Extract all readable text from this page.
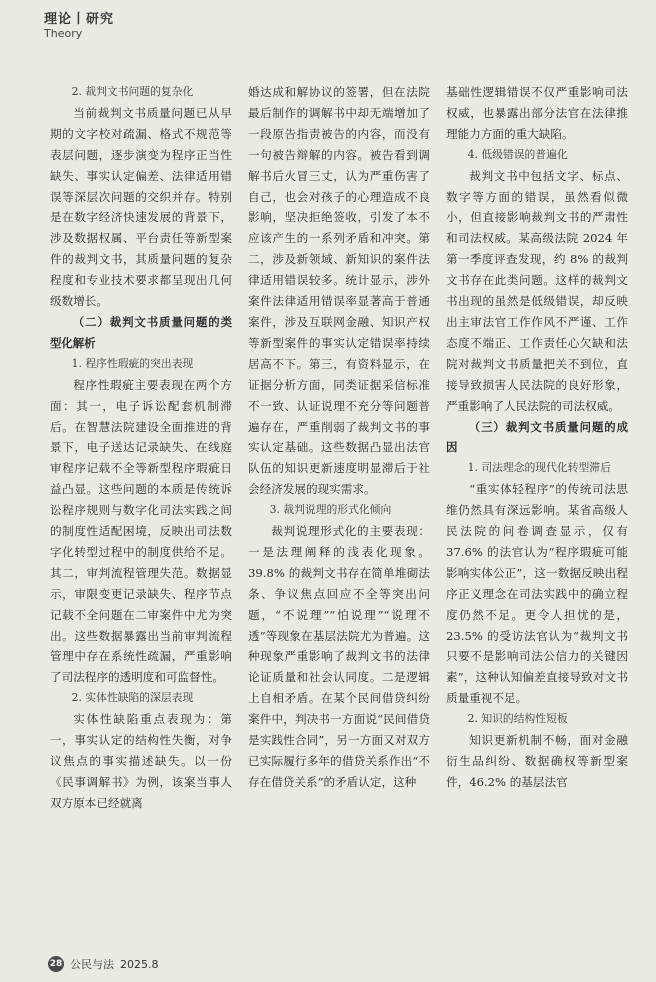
理论丨研究
Theory

2. 裁判文书问题的复杂化

当前裁判文书质量问题已从早期的文字校对疏漏、格式不规范等表层问题，逐步演变为程序正当性缺失、事实认定偏差、法律适用错误等深层次问题的交织并存。特别是在数字经济快速发展的背景下，涉及数据权属、平台责任等新型案件的裁判文书，其质量问题的复杂程度和专业技术要求都呈现出几何级数增长。

（二）裁判文书质量问题的类型化解析

1. 程序性瑕疵的突出表现

程序性瑕疵主要表现在两个方面：其一，电子诉讼配套机制滞后。在智慧法院建设全面推进的背景下，电子送达记录缺失、在线庭审程序记载不全等新型程序瑕疵日益凸显。这些问题的本质是传统诉讼程序规则与数字化司法实践之间的制度性适配困境，反映出司法数字化转型过程中的制度供给不足。其二，审判流程管理失范。数据显示，审限变更记录缺失、程序节点记载不全问题在二审案件中尤为突出。这些数据暴露出当前审判流程管理中存在系统性疏漏，严重影响了司法程序的透明度和可监督性。

2. 实体性缺陷的深层表现

实体性缺陷重点表现为：第一，事实认定的结构性失衡，对争议焦点的事实描述缺失。以一份《民事调解书》为例，该案当事人双方原本已经就离

婚达成和解协议的签署，但在法院最后制作的调解书中却无端增加了一段原告指责被告的内容，而没有一句被告辩解的内容。被告看到调解书后火冒三丈，认为严重伤害了自己，也会对孩子的心理造成不良影响，坚决拒绝签收，引发了本不应该产生的一系列矛盾和冲突。第二，涉及新领域、新知识的案件法律适用错误较多。统计显示，涉外案件法律适用错误率显著高于普通案件，涉及互联网金融、知识产权等新型案件的事实认定错误率持续居高不下。第三，有资料显示，在证据分析方面，同类证据采信标准不一致、认证说理不充分等问题普遍存在，严重削弱了裁判文书的事实认定基础。这些数据凸显出法官队伍的知识更新速度明显滞后于社会经济发展的现实需求。

3. 裁判说理的形式化倾向

裁判说理形式化的主要表现：一是法理阐释的浅表化现象。39.8% 的裁判文书存在简单堆砌法条、争议焦点回应不全等突出问题，“不说理”“怕说理”“说理不透”等现象在基层法院尤为普遍。这种现象严重影响了裁判文书的法律论证质量和社会认同度。二是逻辑上自相矛盾。在某个民间借贷纠纷案件中，判决书一方面说“民间借贷是实践性合同”，另一方面又对双方已实际履行多年的借贷关系作出“不存在借贷关系”的矛盾认定，这种

基础性逻辑错误不仅严重影响司法权威，也暴露出部分法官在法律推理能力方面的重大缺陷。

4. 低级错误的普遍化

裁判文书中包括文字、标点、数字等方面的错误，虽然看似微小，但直接影响裁判文书的严肃性和司法权威。某高级法院 2024 年第一季度评查发现，约 8% 的裁判文书存在此类问题。这样的裁判文书出现的虽然是低级错误，却反映出主审法官工作作风不严谨、工作态度不端正、工作责任心欠缺和法院对裁判文书质量把关不到位，直接导致损害人民法院的良好形象，严重影响了人民法院的司法权威。

（三）裁判文书质量问题的成因

1. 司法理念的现代化转型滞后

“重实体轻程序”的传统司法思维仍然具有深远影响。某省高级人民法院的问卷调查显示，仅有 37.6% 的法官认为“程序瑕疵可能影响实体公正”，这一数据反映出程序正义理念在司法实践中的确立程度仍然不足。更令人担忧的是，23.5% 的受访法官认为“裁判文书只要不是影响司法公信力的关键因素”，这种认知偏差直接导致对文书质量重视不足。

2. 知识的结构性短板

知识更新机制不畅，面对金融衍生品纠纷、数据确权等新型案件，46.2% 的基层法官

28 公民与法 2025.8
